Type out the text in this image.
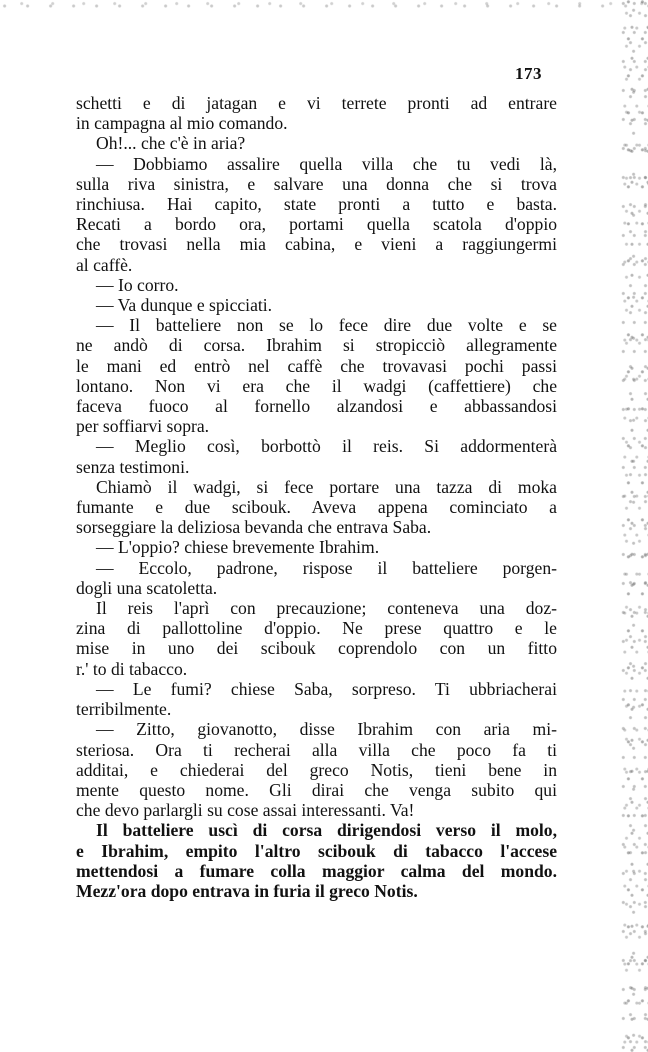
173
schetti e di jatagan e vi terrete pronti ad entrare
in campagna al mio comando.
Oh!... che c'è in aria?
— Dobbiamo assalire quella villa che tu vedi là,
sulla riva sinistra, e salvare una donna che si trova
rinchiusa. Hai capito, state pronti a tutto e basta.
Recati a bordo ora, portami quella scatola d'oppio
che trovasi nella mia cabina, e vieni a raggiungermi
al caffè.
— Io corro.
— Va dunque e spicciati.
— Il batteliere non se lo fece dire due volte e se
ne andò di corsa. Ibrahim si stropicciò allegramente
le mani ed entrò nel caffè che trovavasi pochi passi
lontano. Non vi era che il wadgi (caffettiere) che
faceva fuoco al fornello alzandosi e abbassandosi
per soffiarvi sopra.
— Meglio così, borbottò il reis. Si addormenterà
senza testimoni.
Chiamò il wadgi, si fece portare una tazza di moka
fumante e due scibouk. Aveva appena cominciato a
sorseggiare la deliziosa bevanda che entrava Saba.
— L'oppio? chiese brevemente Ibrahim.
— Eccolo, padrone, rispose il batteliere porgen-
dogli una scatoletta.
Il reis l'aprì con precauzione; conteneva una doz-
zina di pallottoline d'oppio. Ne prese quattro e le
mise in uno dei scibouk coprendolo con un fitto
r.' to di tabacco.
— Le fumi? chiese Saba, sorpreso. Ti ubbriacherai
terribilmente.
— Zitto, giovanotto, disse Ibrahim con aria mi-
steriosa. Ora ti recherai alla villa che poco fa ti
additai, e chiederai del greco Notis, tieni bene in
mente questo nome. Gli dirai che venga subito qui
che devo parlargli su cose assai interessanti. Va!
Il batteliere uscì di corsa dirigendosi verso il molo,
e Ibrahim, empito l'altro scibouk di tabacco l'accese
mettendosi a fumare colla maggior calma del mondo.
Mezz'ora dopo entrava in furia il greco Notis.
